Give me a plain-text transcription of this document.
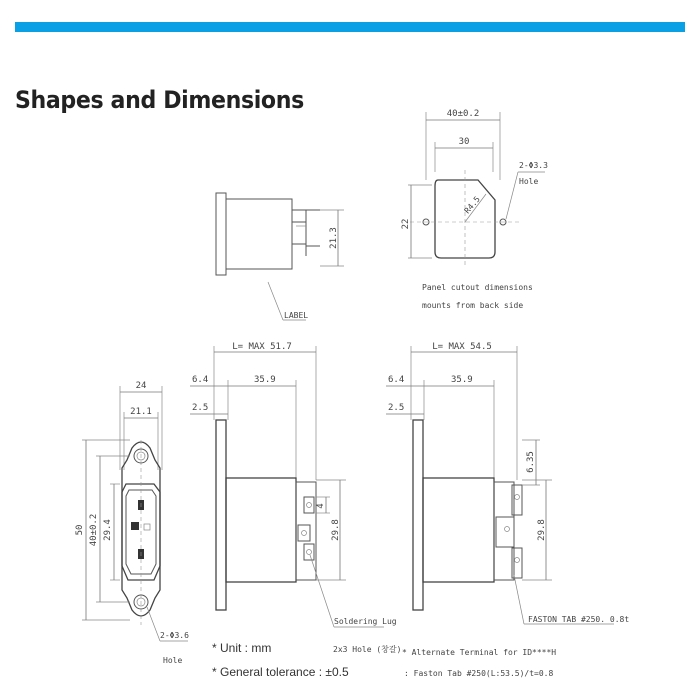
Shapes and Dimensions
21.3
LABEL
40±0.2
30
R4.5
22
2-Φ3.3
Hole
Panel cutout dimensions
mounts from back side
24
21.1
50 40±0.2 29.4
2-Φ3.6
Hole
L= MAX 51.7
6.4	35.9
2.5
4
29.8
Soldering Lug
2x3 Hole (창갈)
L= MAX 54.5
6.4	35.9
2.5
6.35
29.8
FASTON TAB #250. 0.8t
* Unit : mm
* General tolerance : ±0.5
* Alternate Terminal for ID****H
: Faston Tab #250(L:53.5)/t=0.8
